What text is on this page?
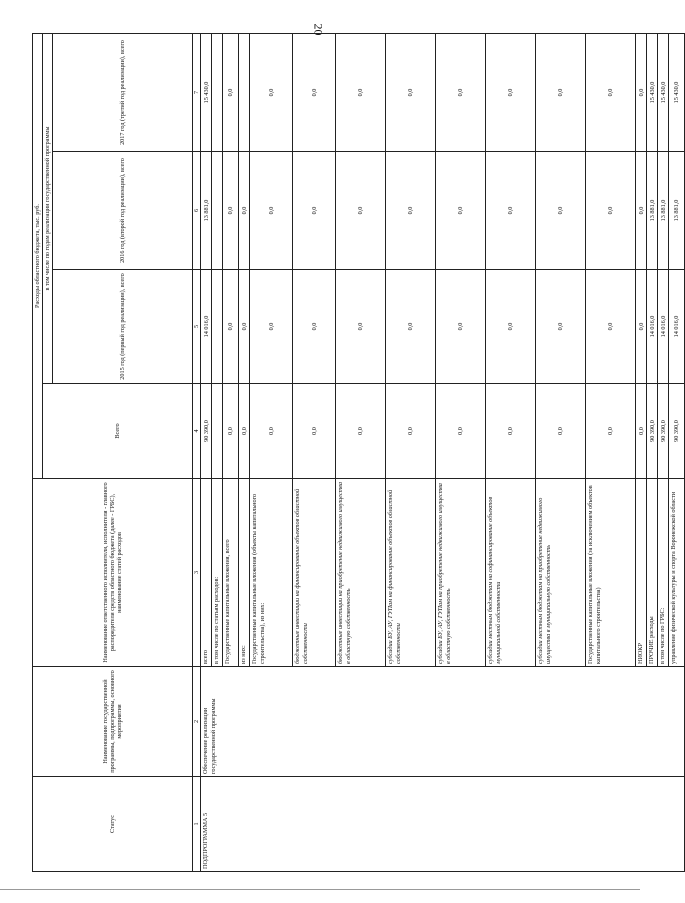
20
Статус	Наименование государственной программы, подпрограммы, основного мероприятия	Наименование ответственного исполнителя, исполнителя - главного распорядителя средств областного бюджета (далее - ГРБС), наименование статей расходов	Расходы областного бюджета, тыс. руб.			
			Всего	в том числе по годам реализации государственной программы		
				2015 год (первый год реализации), всего	2016 год (второй год реализации), всего	2017 год (третий год реализации), всего
1	2	3	4	5	6	7
ПОДПРОГРАММА 5	Обеспечение реализации государственной программы	всего	90 390,0	14 016,0	13 881,0	15 430,0
		в том числе по статьям расходов:				
		Государственные капитальные вложения, всего	0,0	0,0	0,0	0,0
		из них:	0,0	0,0	0,0	
		Государственные капитальные вложения (объекты капитального строительства), из них:	0,0	0,0	0,0	0,0
		бюджетные инвестиции на финансирование объектов областной собственности	0,0	0,0	0,0	0,0
		бюджетные инвестиции на приобретение недвижимого имущества в областную собственность	0,0	0,0	0,0	0,0
		субсидии БУ, АУ, ГУПам на финансирование объектов областной собственности	0,0	0,0	0,0	0,0
		субсидии БУ, АУ, ГУПам на приобретение недвижимого имущества в областную собственность	0,0	0,0	0,0	0,0
		субсидии местным бюджетам на софинансирование объектов муниципальной собственности	0,0	0,0	0,0	0,0
		субсидии местным бюджетам на приобретение недвижимого имущества в муниципальную собственность	0,0	0,0	0,0	0,0
		Государственные капитальные вложения (за исключением объектов капитального строительства)	0,0	0,0	0,0	0,0
		НИОКР	0,0	0,0	0,0	0,0
		ПРОЧИЕ расходы	90 390,0	14 016,0	13 881,0	15 430,0
		в том числе по ГРБС:	90 390,0	14 016,0	13 881,0	15 430,0
		управление физической культуры и спорта Воронежской области	90 390,0	14 016,0	13 881,0	15 430,0
